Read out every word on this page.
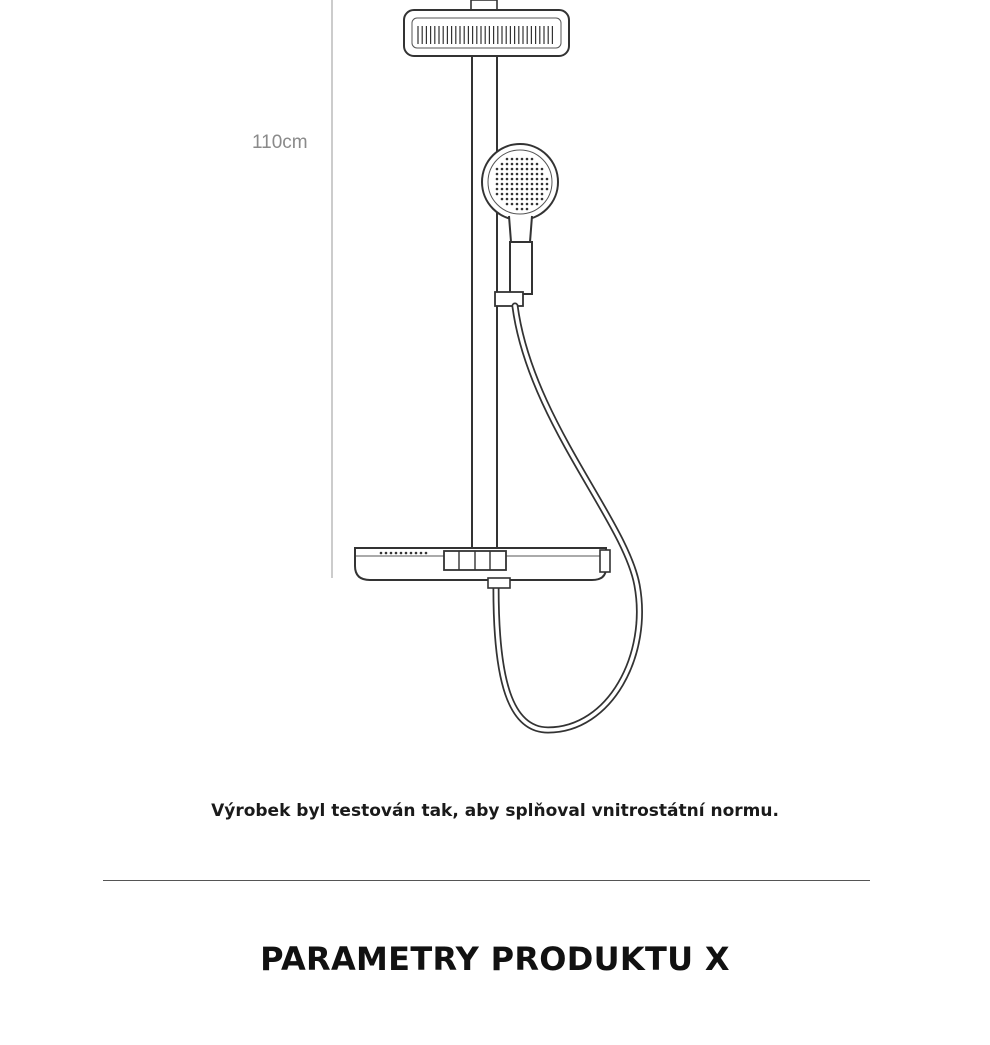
110cm
Výrobek byl testován tak, aby splňoval vnitrostátní normu.
PARAMETRY PRODUKTU X
